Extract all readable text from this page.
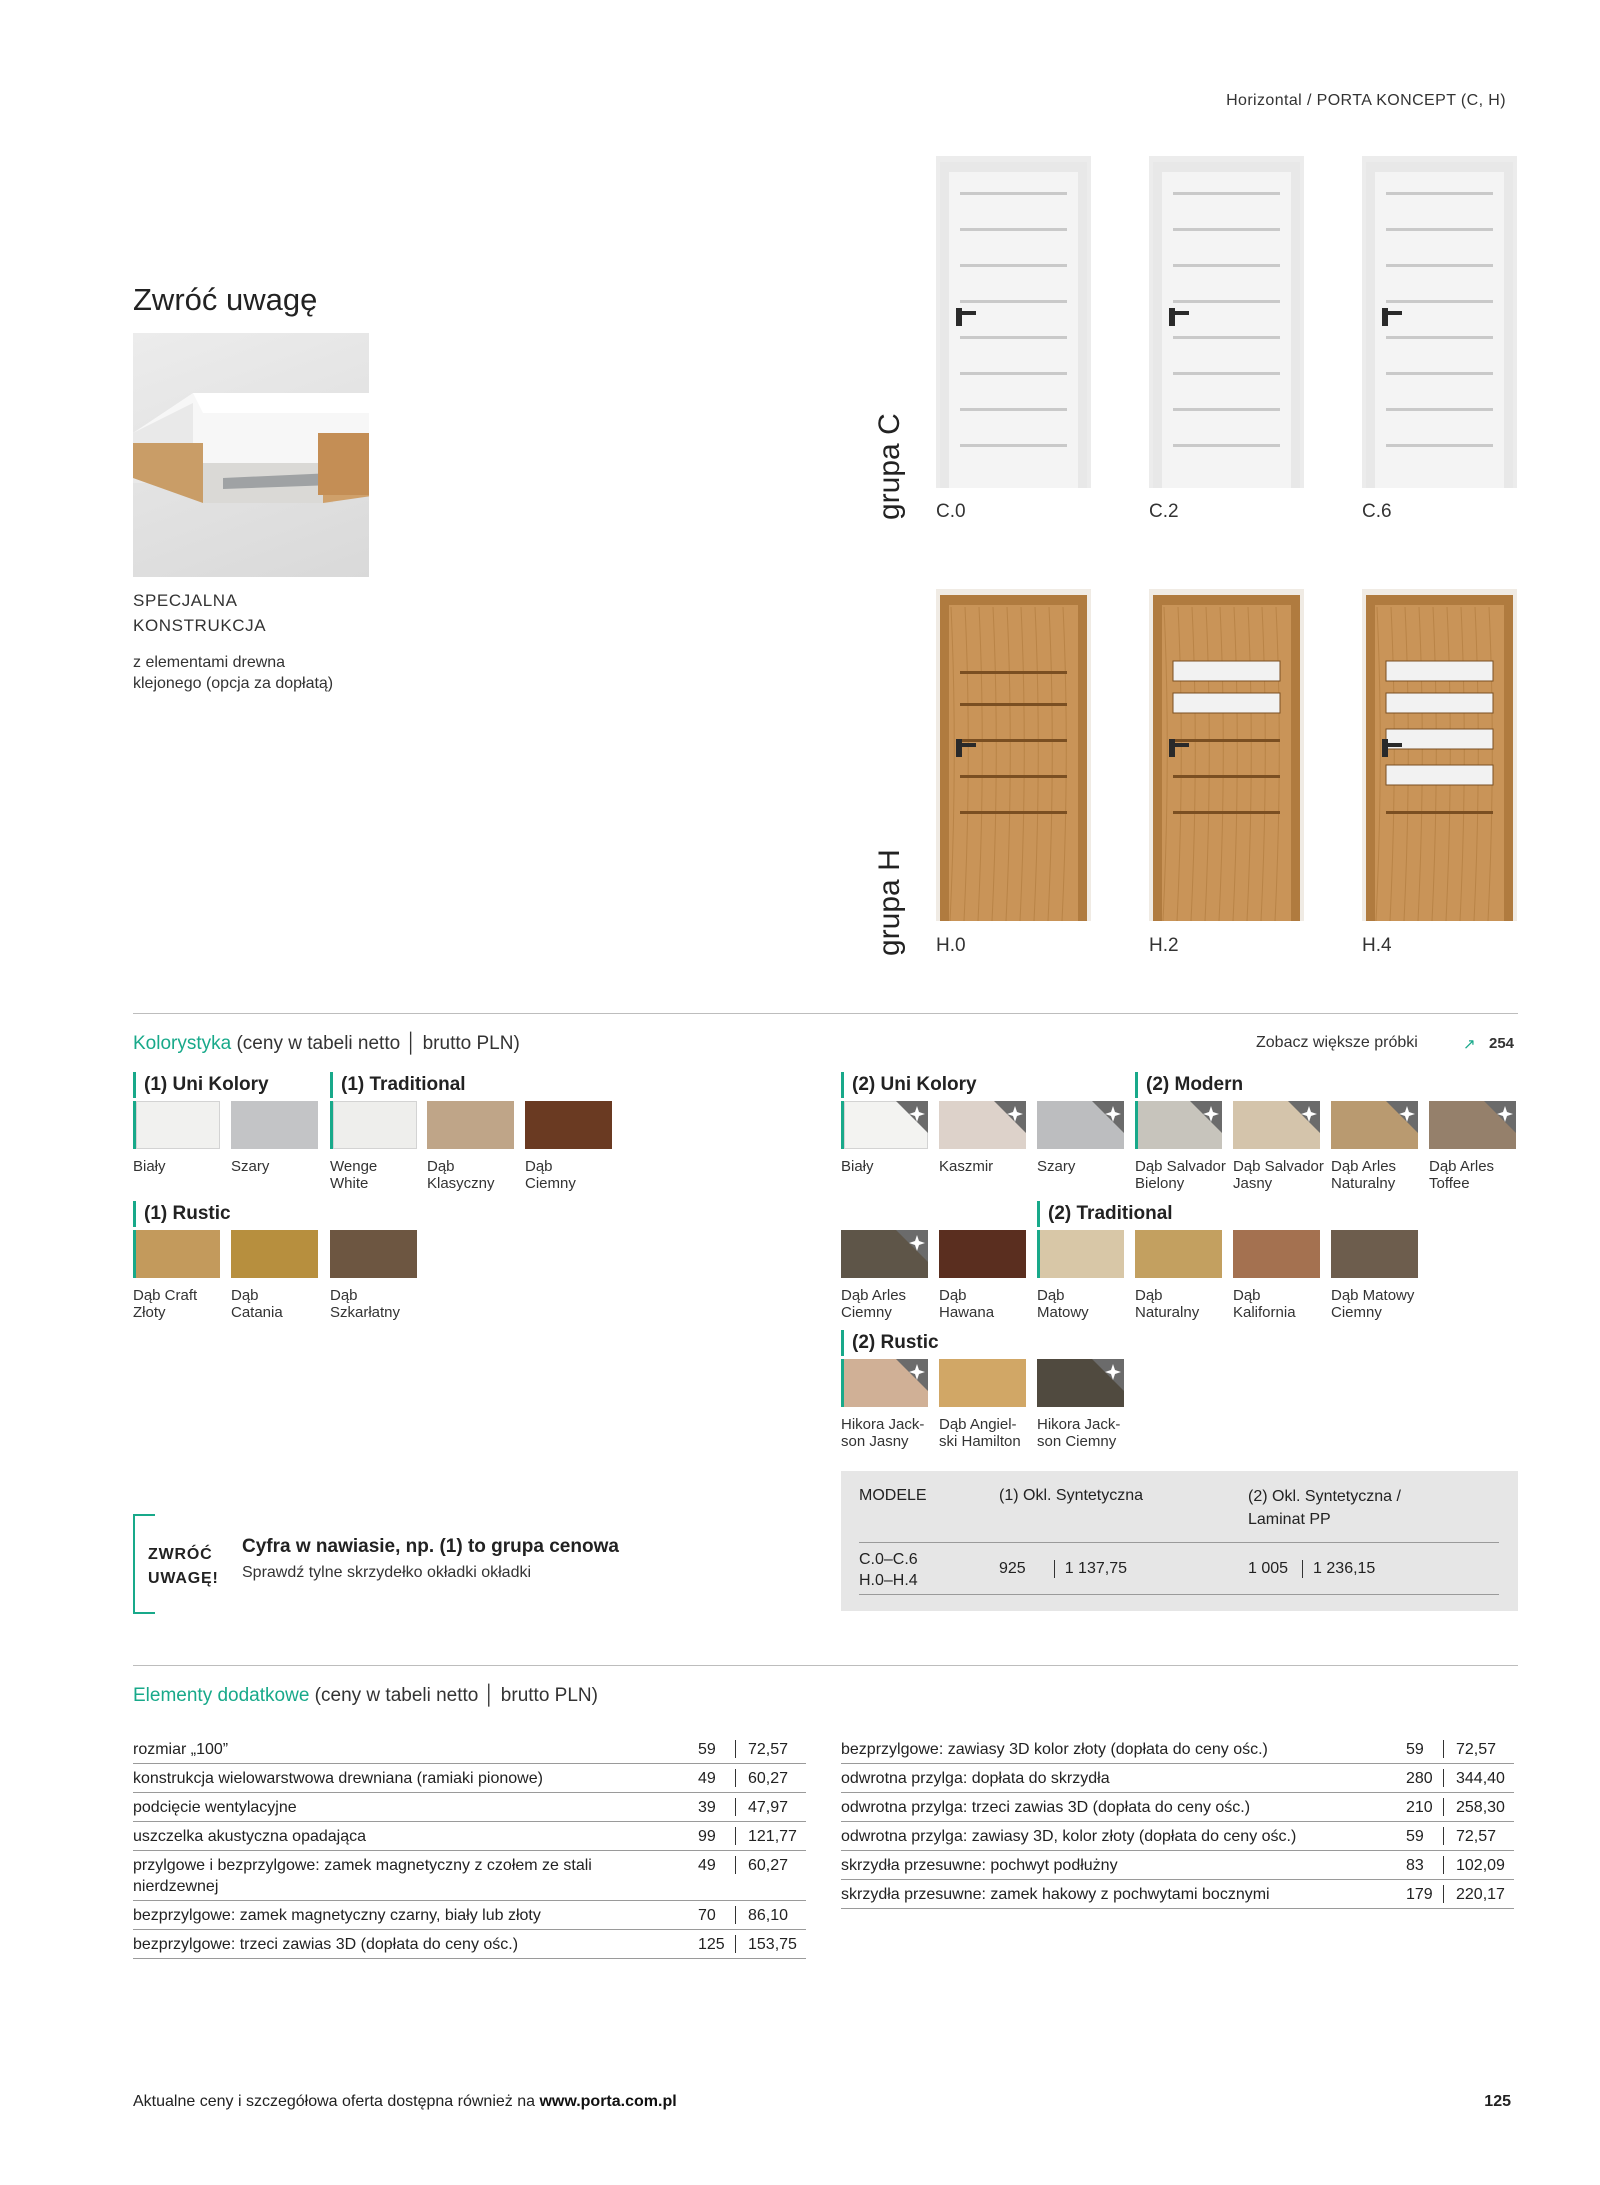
Horizontal / PORTA KONCEPT (C, H)
Zwróć uwagę
SPECJALNA
KONSTRUKCJA
z elementami drewna
klejonego (opcja za dopłatą)
grupa C
grupa H
C.0	C.2	C.6
H.0	H.2	H.4
Kolorystyka (ceny w tabeli netto │ brutto PLN)	Zobacz większe próbki	↗ 254
(1) Uni Kolory	(1) Traditional
(1) Rustic
(2) Uni Kolory	(2) Modern
(2) Traditional
(2) Rustic
Biały	Szary	Wenge
White
Dąb
Klasyczny
Dąb
Ciemny
Dąb Craft
Złoty
Dąb
Catania
Dąb
Szkarłatny
Biały	Kaszmir	Szary	Dąb Salvador
Bielony
Dąb Salvador
Jasny
Dąb Arles
Naturalny
Dąb Arles
Toffee
Dąb Arles
Ciemny
Dąb
Hawana
Dąb
Matowy
Dąb
Naturalny
Dąb
Kalifornia
Dąb Matowy
Ciemny
Hikora Jack-
son Jasny
Dąb Angiel-
ski Hamilton
Hikora Jack-
son Ciemny
MODELE	(1) Okl. Syntetyczna	(2) Okl. Syntetyczna /
Laminat PP
C.0–C.6
H.0–H.4
925 1 137,75	1 005 1 236,15
ZWRÓĆ
UWAGĘ!
Cyfra w nawiasie, np. (1) to grupa cenowa
Sprawdź tylne skrzydełko okładki okładki
Elementy dodatkowe (ceny w tabeli netto │ brutto PLN)
rozmiar „100”	59	72,57
konstrukcja wielowarstwowa drewniana (ramiaki pionowe)	49	60,27
podcięcie wentylacyjne	39	47,97
uszczelka akustyczna opadająca	99	121,77
przylgowe i bezprzylgowe: zamek magnetyczny z czołem ze stali nierdzewnej
49	60,27
bezprzylgowe: zamek magnetyczny czarny, biały lub złoty	70	86,10
bezprzylgowe: trzeci zawias 3D (dopłata do ceny ośc.)	125	153,75
bezprzylgowe: zawiasy 3D kolor złoty (dopłata do ceny ośc.)	59	72,57
odwrotna przylga: dopłata do skrzydła	280	344,40
odwrotna przylga: trzeci zawias 3D (dopłata do ceny ośc.)	210	258,30
odwrotna przylga: zawiasy 3D, kolor złoty (dopłata do ceny ośc.)	59	72,57
skrzydła przesuwne: pochwyt podłużny	83	102,09
skrzydła przesuwne: zamek hakowy z pochwytami bocznymi	179	220,17
Aktualne ceny i szczegółowa oferta dostępna również na www.porta.com.pl	125
